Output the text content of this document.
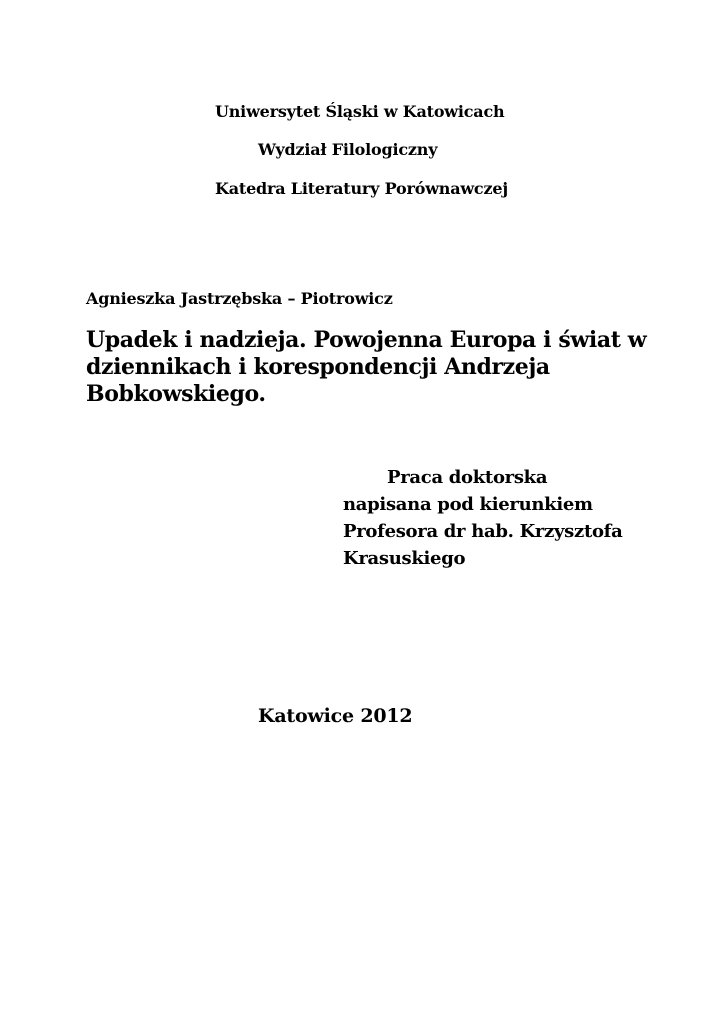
Uniwersytet Śląski w Katowicach
Wydział Filologiczny
Katedra Literatury Porównawczej
Agnieszka Jastrzębska – Piotrowicz
Upadek i nadzieja. Powojenna Europa i świat w
dziennikach i korespondencji Andrzeja
Bobkowskiego.
Praca doktorska
napisana pod kierunkiem
Profesora dr hab. Krzysztofa
Krasuskiego
Katowice 2012
